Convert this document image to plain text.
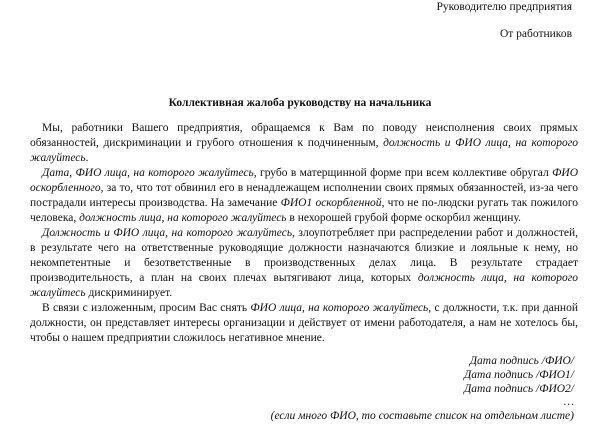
Руководителю предприятия
От работников
Коллективная жалоба руководству на начальника

Мы, работники Вашего предприятия, обращаемся к Вам по поводу неисполнения своих прямых обязанностей, дискриминации и грубого отношения к подчиненным, должность и ФИО лица, на которого жалуйтесь.

Дата, ФИО лица, на которого жалуйтесь, грубо в матерщинной форме при всем коллективе обругал ФИО оскорбленного, за то, что тот обвинил его в ненадлежащем исполнении своих прямых обязанностей, из-за чего пострадали интересы производства. На замечание ФИО1 оскорбленной, что не по-людски ругать так пожилого человека, должность лица, на которого жалуйтесь в нехорошей грубой форме оскорбил женщину.

Должность и ФИО лица, на которого жалуйтесь, злоупотребляет при распределении работ и должностей, в результате чего на ответственные руководящие должности назначаются близкие и лояльные к нему, но некомпетентные и безответственные в производственных делах лица. В результате страдает производительность, а план на своих плечах вытягивают лица, которых должность лица, на которого жалуйтесь дискриминирует.

В связи с изложенным, просим Вас снять ФИО лица, на которого жалуйтесь, с должности, т.к. при данной должности, он представляет интересы организации и действует от имени работодателя, а нам не хотелось бы, чтобы о нашем предприятии сложилось негативное мнение.

Дата подпись /ФИО/
Дата подпись /ФИО1/
Дата подпись /ФИО2/
…
(если много ФИО, то составьте список на отдельном листе)
